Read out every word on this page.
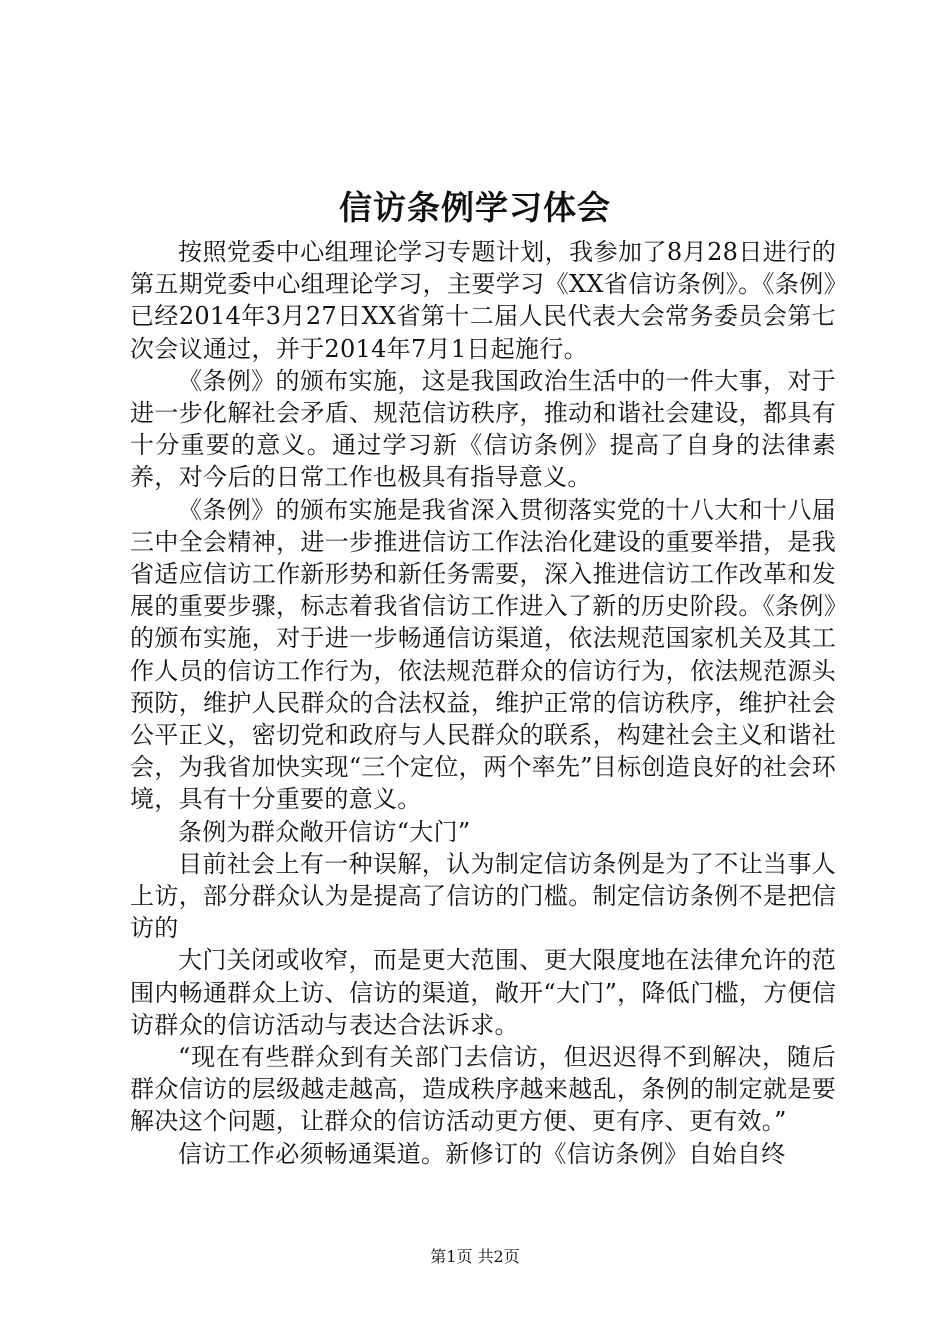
信访条例学习体会

按照党委中心组理论学习专题计划，我参加了8月28日进行的第五期党委中心组理论学习，主要学习《XX省信访条例》。《条例》已经2014年3月27日XX省第十二届人民代表大会常务委员会第七次会议通过，并于2014年7月1日起施行。

《条例》的颁布实施，这是我国政治生活中的一件大事，对于进一步化解社会矛盾、规范信访秩序，推动和谐社会建设，都具有十分重要的意义。通过学习新《信访条例》提高了自身的法律素养，对今后的日常工作也极具有指导意义。

《条例》的颁布实施是我省深入贯彻落实党的十八大和十八届三中全会精神，进一步推进信访工作法治化建设的重要举措，是我省适应信访工作新形势和新任务需要，深入推进信访工作改革和发展的重要步骤，标志着我省信访工作进入了新的历史阶段。《条例》的颁布实施，对于进一步畅通信访渠道，依法规范国家机关及其工作人员的信访工作行为，依法规范群众的信访行为，依法规范源头预防，维护人民群众的合法权益，维护正常的信访秩序，维护社会公平正义，密切党和政府与人民群众的联系，构建社会主义和谐社会，为我省加快实现“三个定位，两个率先”目标创造良好的社会环境，具有十分重要的意义。

条例为群众敞开信访“大门”

目前社会上有一种误解，认为制定信访条例是为了不让当事人上访，部分群众认为是提高了信访的门槛。制定信访条例不是把信访的

大门关闭或收窄，而是更大范围、更大限度地在法律允许的范围内畅通群众上访、信访的渠道，敞开“大门”，降低门槛，方便信访群众的信访活动与表达合法诉求。

“现在有些群众到有关部门去信访，但迟迟得不到解决，随后群众信访的层级越走越高，造成秩序越来越乱，条例的制定就是要解决这个问题，让群众的信访活动更方便、更有序、更有效。”

信访工作必须畅通渠道。新修订的《信访条例》自始自终

第1页 共2页
